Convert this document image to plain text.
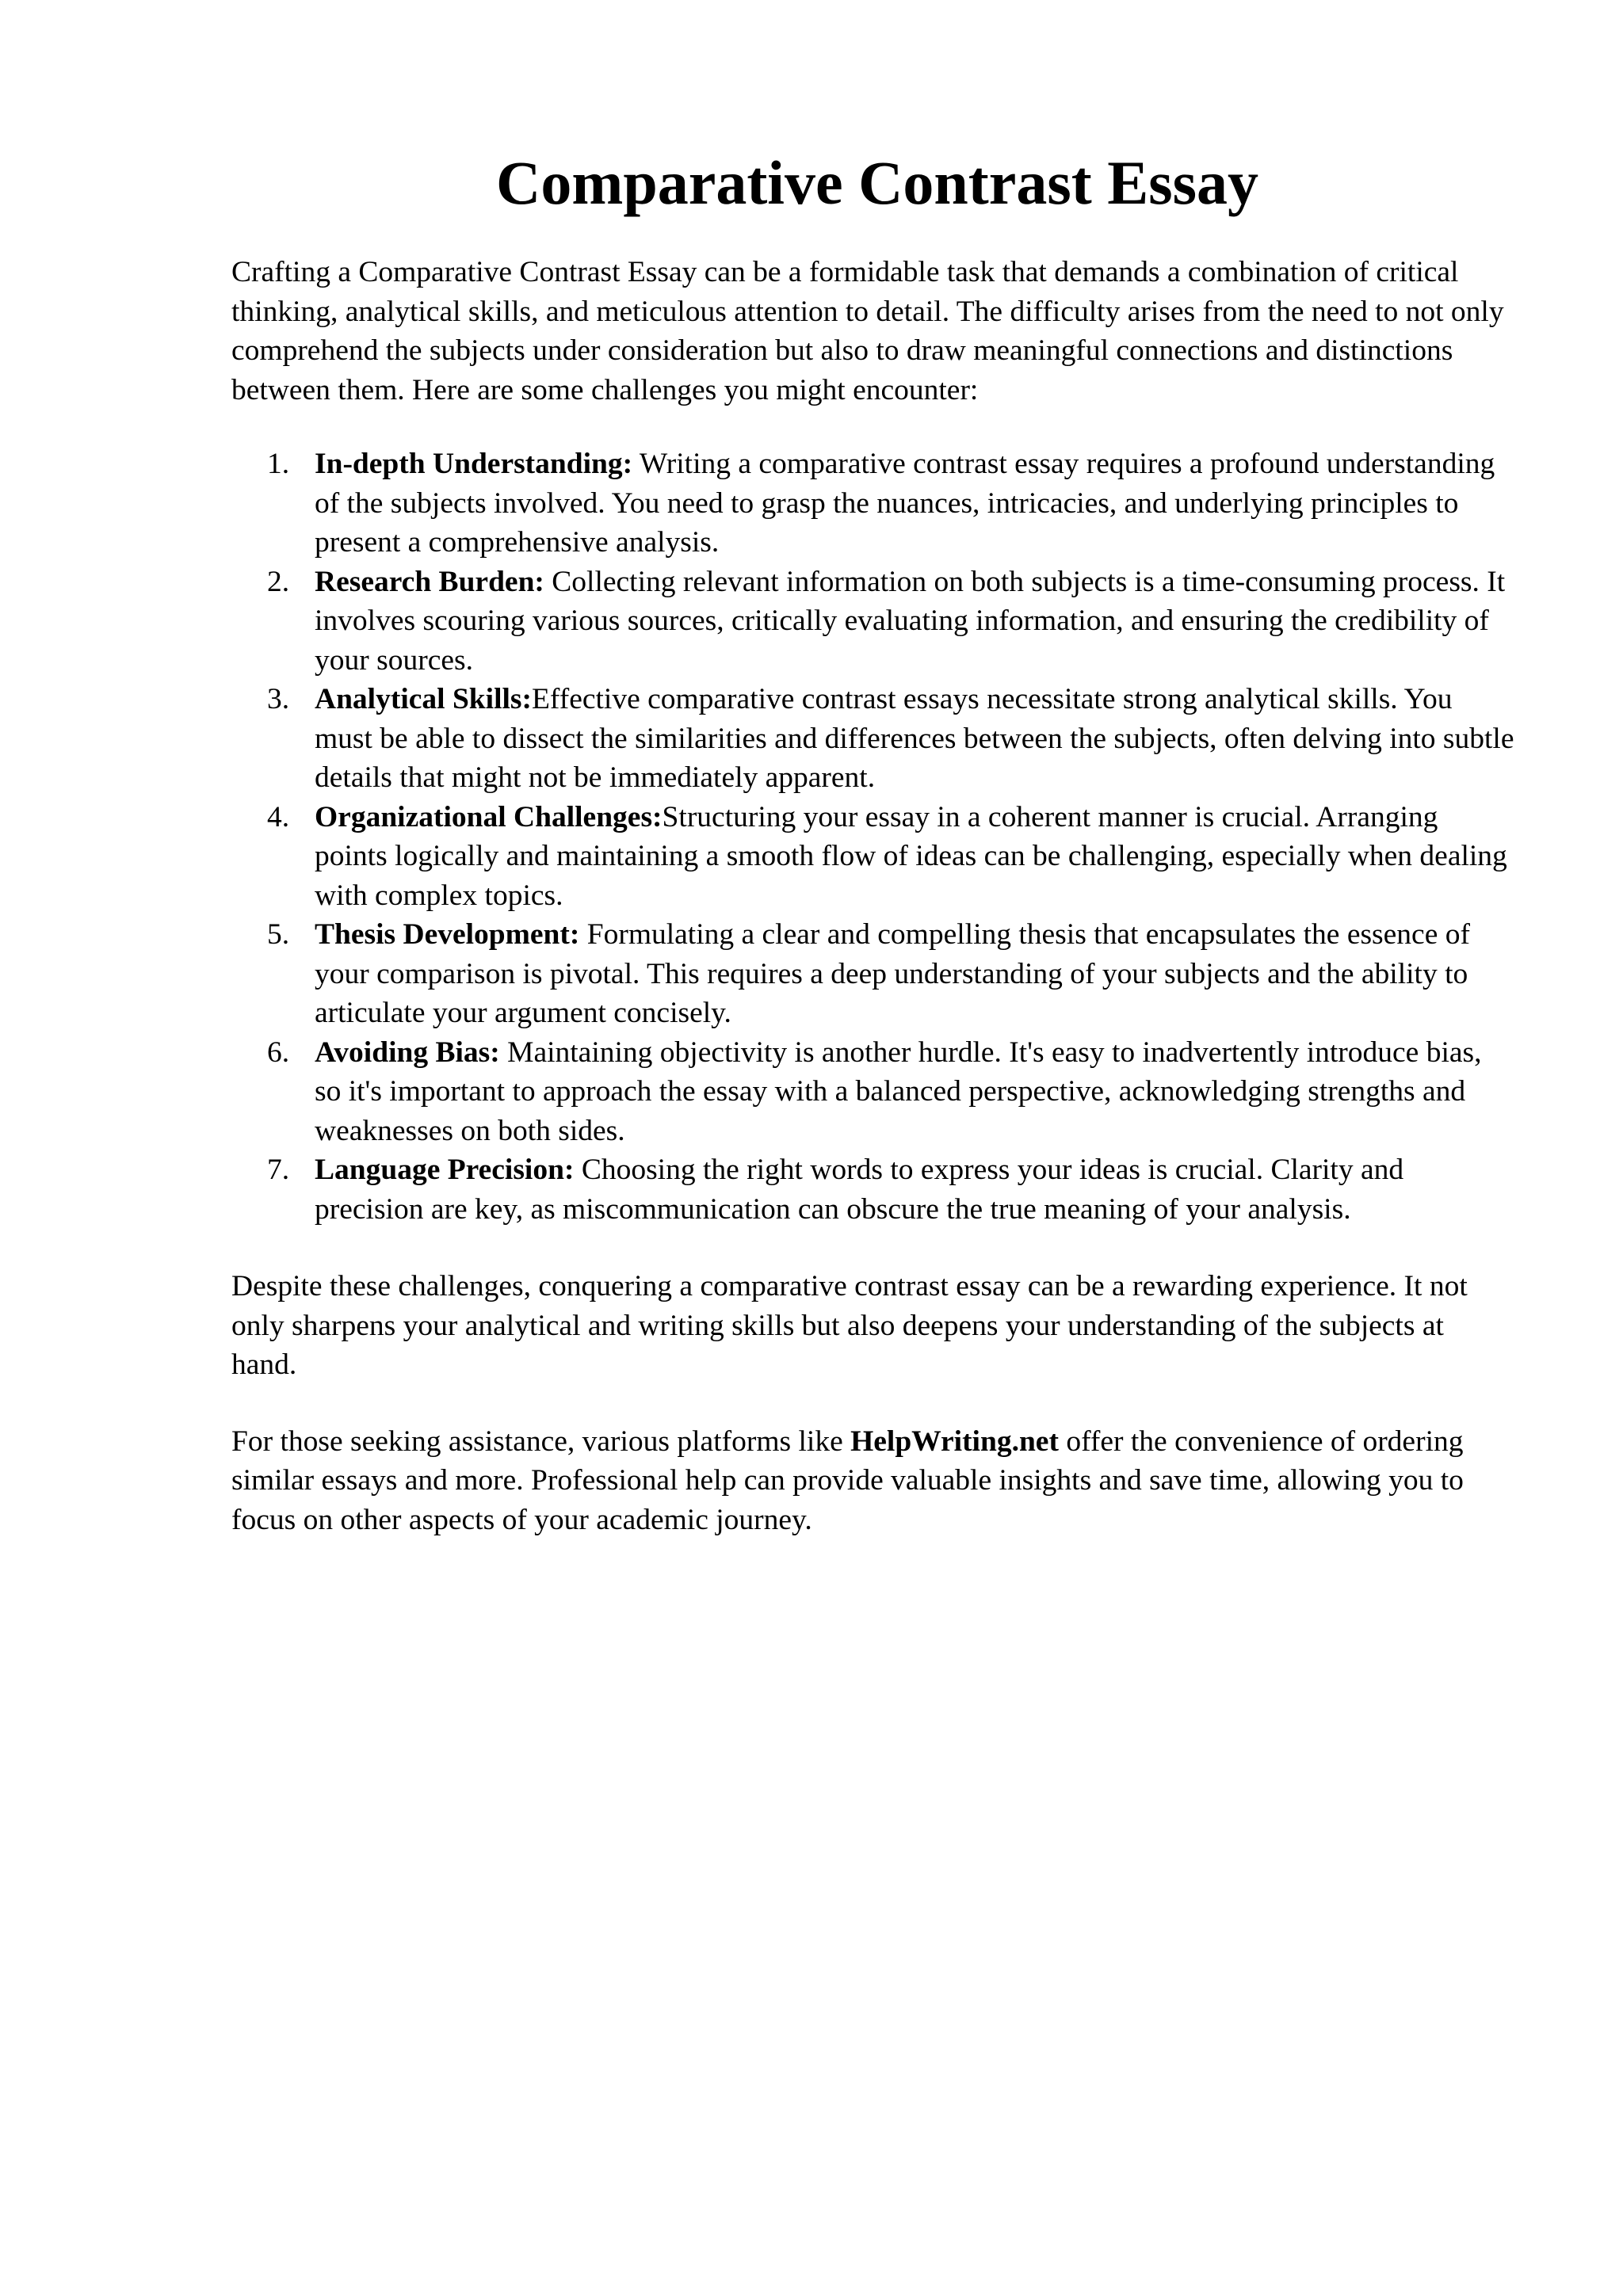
Comparative Contrast Essay

Crafting a Comparative Contrast Essay can be a formidable task that demands a combination of critical thinking, analytical skills, and meticulous attention to detail. The difficulty arises from the need to not only comprehend the subjects under consideration but also to draw meaningful connections and distinctions between them. Here are some challenges you might encounter:

1. In-depth Understanding: Writing a comparative contrast essay requires a profound understanding of the subjects involved. You need to grasp the nuances, intricacies, and underlying principles to present a comprehensive analysis.
2. Research Burden: Collecting relevant information on both subjects is a time-consuming process. It involves scouring various sources, critically evaluating information, and ensuring the credibility of your sources.
3. Analytical Skills:Effective comparative contrast essays necessitate strong analytical skills. You must be able to dissect the similarities and differences between the subjects, often delving into subtle details that might not be immediately apparent.
4. Organizational Challenges:Structuring your essay in a coherent manner is crucial. Arranging points logically and maintaining a smooth flow of ideas can be challenging, especially when dealing with complex topics.
5. Thesis Development: Formulating a clear and compelling thesis that encapsulates the essence of your comparison is pivotal. This requires a deep understanding of your subjects and the ability to articulate your argument concisely.
6. Avoiding Bias: Maintaining objectivity is another hurdle. It's easy to inadvertently introduce bias, so it's important to approach the essay with a balanced perspective, acknowledging strengths and weaknesses on both sides.
7. Language Precision: Choosing the right words to express your ideas is crucial. Clarity and precision are key, as miscommunication can obscure the true meaning of your analysis.

Despite these challenges, conquering a comparative contrast essay can be a rewarding experience. It not only sharpens your analytical and writing skills but also deepens your understanding of the subjects at hand.

For those seeking assistance, various platforms like HelpWriting.net offer the convenience of ordering similar essays and more. Professional help can provide valuable insights and save time, allowing you to focus on other aspects of your academic journey.
